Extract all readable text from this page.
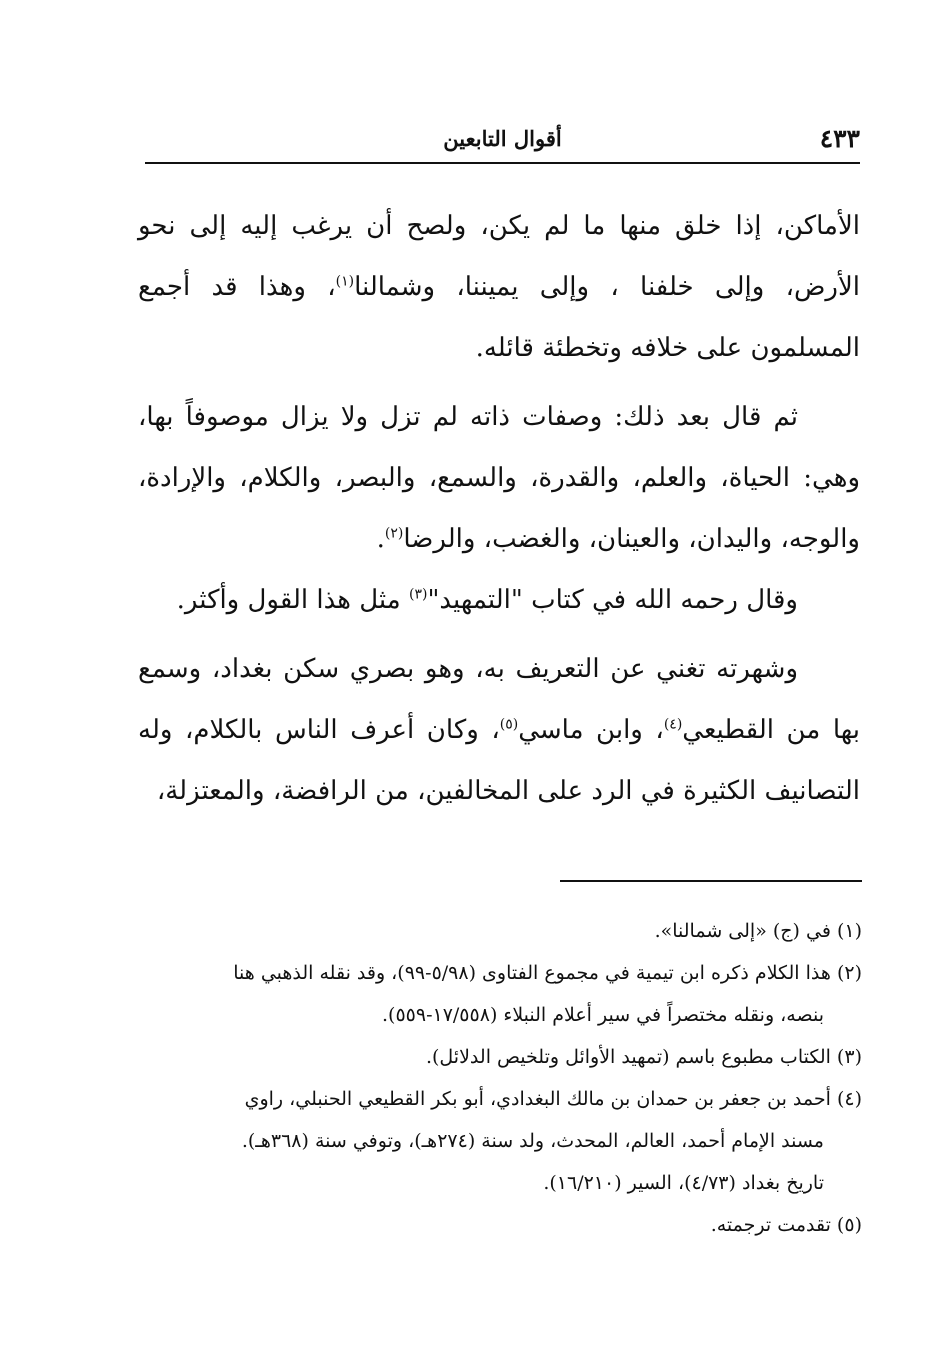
٤٣٣
أقوال التابعين

الأماكن، إذا خلق منها ما لم يكن، ولصح أن يرغب إليه إلى نحو الأرض، وإلى خلفنا ، وإلى يميننا، وشمالنا$^{(١)}$، وهذا قد أجمع المسلمون على خلافه وتخطئة قائله.

ثم قال بعد ذلك: وصفات ذاته لم تزل ولا يزال موصوفاً بها، وهي: الحياة، والعلم، والقدرة، والسمع، والبصر، والكلام، والإرادة، والوجه، واليدان، والعينان، والغضب، والرضا$^{(٢)}$.

وقال رحمه الله في كتاب "التمهيد"$^{(٣)}$ مثل هذا القول وأكثر.

وشهرته تغني عن التعريف به، وهو بصري سكن بغداد، وسمع بها من القطيعي$^{(٤)}$، وابن ماسي$^{(٥)}$، وكان أعرف الناس بالكلام، وله التصانيف الكثيرة في الرد على المخالفين، من الرافضة، والمعتزلة،

(١) في (ج) «إلى شمالنا».

(٢) هذا الكلام ذكره ابن تيمية في مجموع الفتاوى (٥/٩٨-٩٩)، وقد نقله الذهبي هنا

بنصه، ونقله مختصراً في سير أعلام النبلاء (١٧/٥٥٨-٥٥٩).

(٣) الكتاب مطبوع باسم (تمهيد الأوائل وتلخيص الدلائل).

(٤) أحمد بن جعفر بن حمدان بن مالك البغدادي، أبو بكر القطيعي الحنبلي، راوي

مسند الإمام أحمد، العالم، المحدث، ولد سنة (٢٧٤هـ)، وتوفي سنة (٣٦٨هـ).

تاريخ بغداد (٤/٧٣)، السير (١٦/٢١٠).

(٥) تقدمت ترجمته.
